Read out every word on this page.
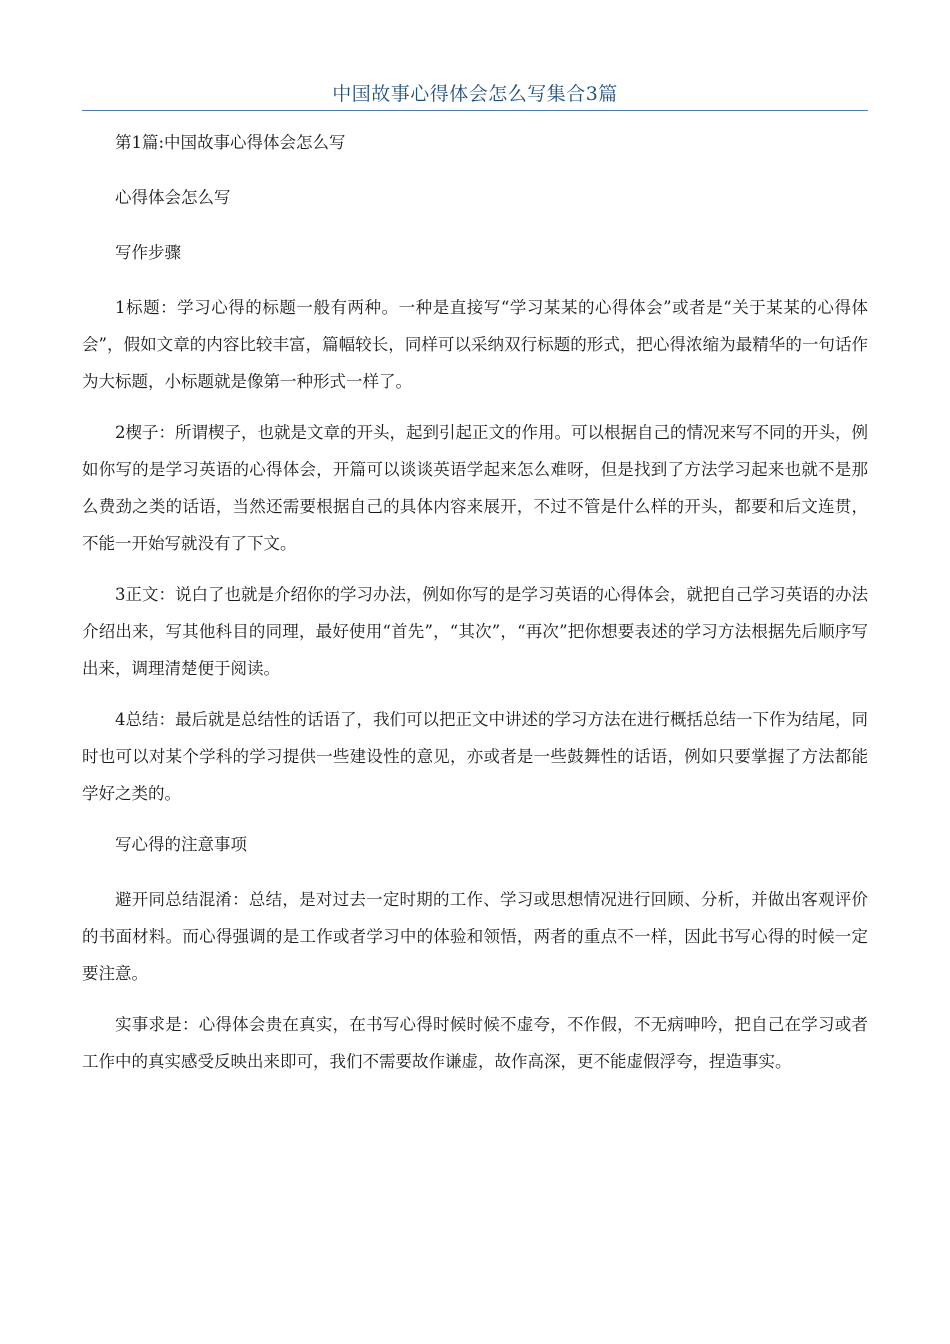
中国故事心得体会怎么写集合3篇

第1篇:中国故事心得体会怎么写

心得体会怎么写

写作步骤

1标题：学习心得的标题一般有两种。一种是直接写“学习某某的心得体会”或者是“关于某某的心得体会”，假如文章的内容比较丰富，篇幅较长，同样可以采纳双行标题的形式，把心得浓缩为最精华的一句话作为大标题，小标题就是像第一种形式一样了。

2楔子：所谓楔子，也就是文章的开头，起到引起正文的作用。可以根据自己的情况来写不同的开头，例如你写的是学习英语的心得体会，开篇可以谈谈英语学起来怎么难呀，但是找到了方法学习起来也就不是那么费劲之类的话语，当然还需要根据自己的具体内容来展开，不过不管是什么样的开头，都要和后文连贯，不能一开始写就没有了下文。

3正文：说白了也就是介绍你的学习办法，例如你写的是学习英语的心得体会，就把自己学习英语的办法介绍出来，写其他科目的同理，最好使用“首先”，“其次”，“再次”把你想要表述的学习方法根据先后顺序写出来，调理清楚便于阅读。

4总结：最后就是总结性的话语了，我们可以把正文中讲述的学习方法在进行概括总结一下作为结尾，同时也可以对某个学科的学习提供一些建设性的意见，亦或者是一些鼓舞性的话语，例如只要掌握了方法都能学好之类的。

写心得的注意事项

避开同总结混淆：总结，是对过去一定时期的工作、学习或思想情况进行回顾、分析，并做出客观评价的书面材料。而心得强调的是工作或者学习中的体验和领悟，两者的重点不一样，因此书写心得的时候一定要注意。

实事求是：心得体会贵在真实，在书写心得时候时候不虚夸，不作假，不无病呻吟，把自己在学习或者工作中的真实感受反映出来即可，我们不需要故作谦虚，故作高深，更不能虚假浮夸，捏造事实。
